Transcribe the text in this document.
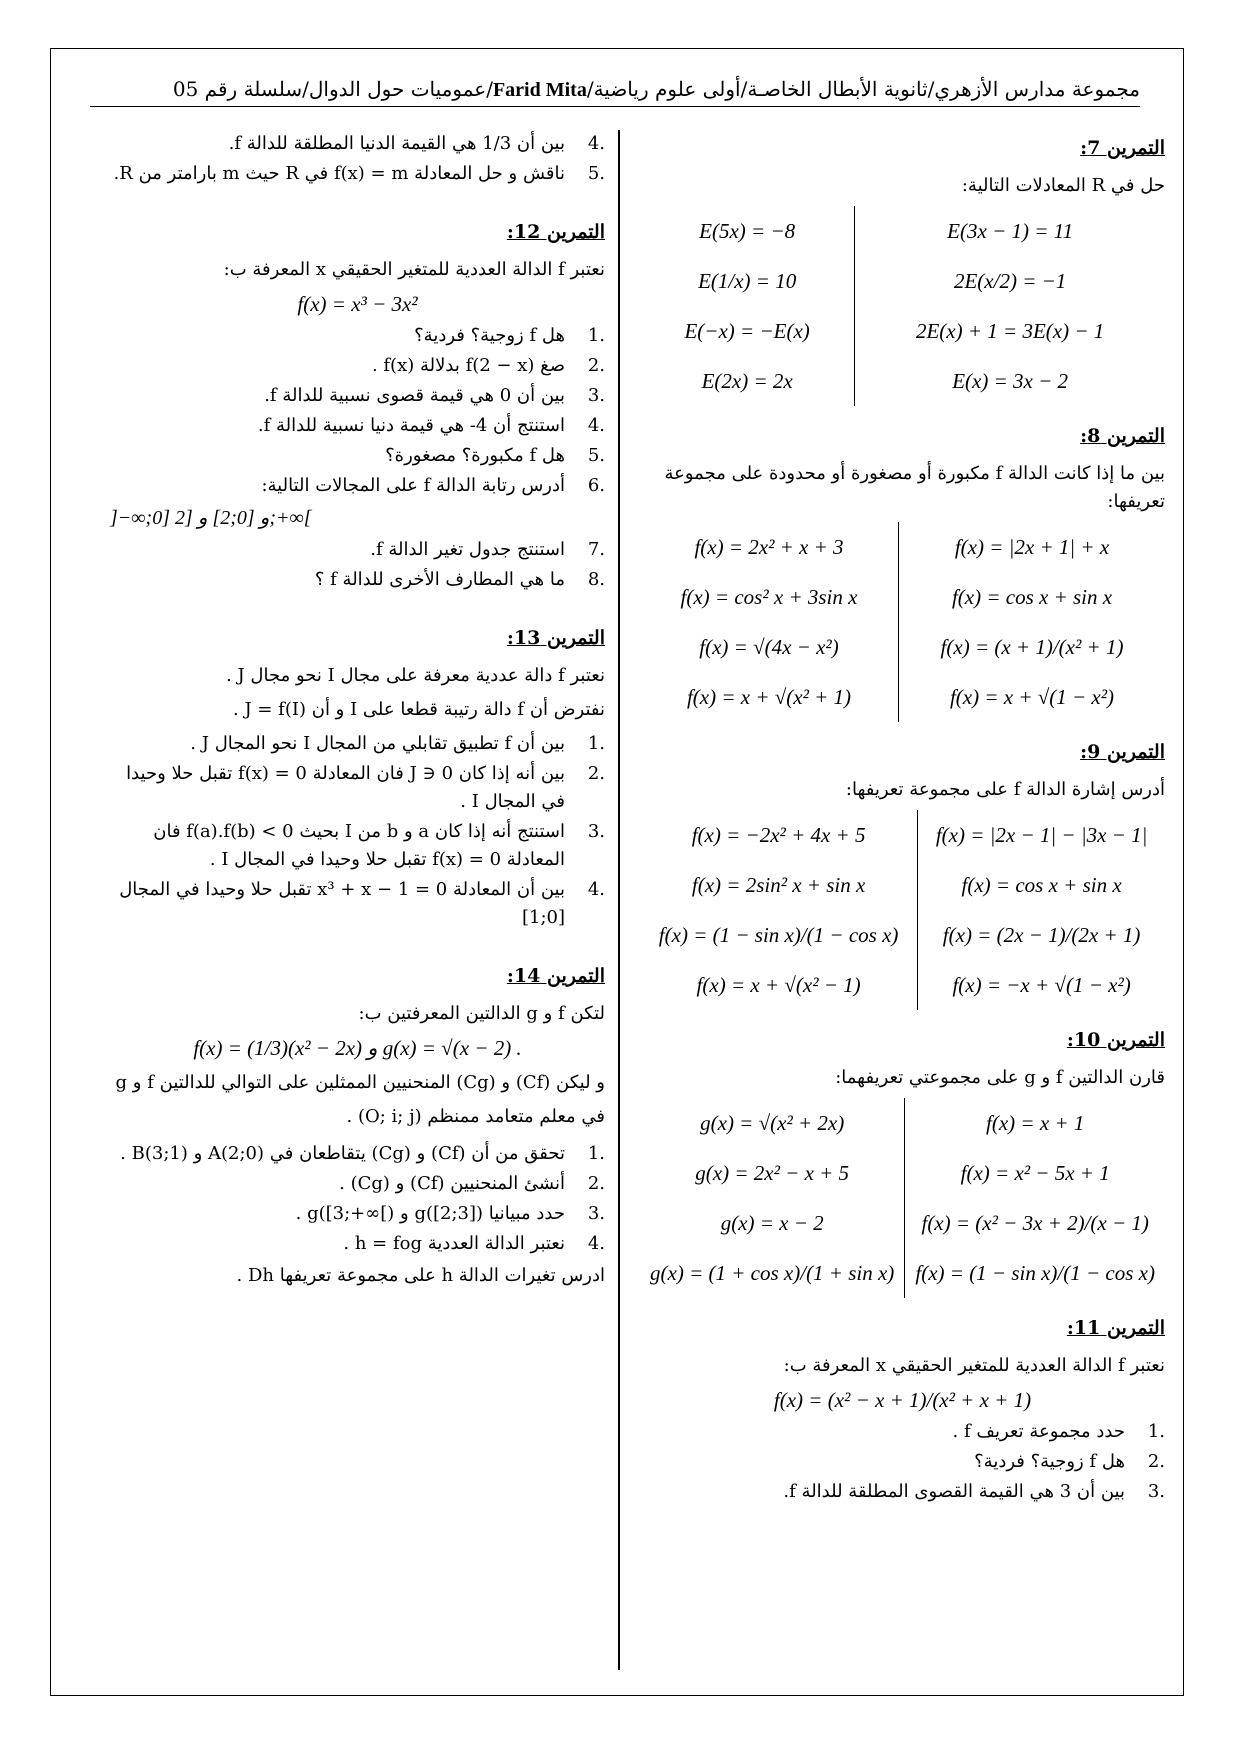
مجموعة مدارس الأزهري/ثانوية الأبطال الخاصـة/أولى علوم رياضية/Farid Mita/عموميات حول الدوال/سلسلة رقم 05
التمرين 7:
حل في R المعادلات التالية:
E(5x) = −8	E(3x − 1) = 11
E(1/x) = 10	2E(x/2) = −1
E(−x) = −E(x)	2E(x) + 1 = 3E(x) − 1
E(2x) = 2x	E(x) = 3x − 2
التمرين 8:
بين ما إذا كانت الدالة f مكبورة أو مصغورة أو محدودة على مجموعة تعريفها:
f(x) = 2x² + x + 3	f(x) = |2x + 1| + x
f(x) = cos² x + 3sin x	f(x) = cos x + sin x
f(x) = √(4x − x²)	f(x) = (x + 1)/(x² + 1)
f(x) = x + √(x² + 1)	f(x) = x + √(1 − x²)
التمرين 9:
أدرس إشارة الدالة f على مجموعة تعريفها:
f(x) = −2x² + 4x + 5	f(x) = |2x − 1| − |3x − 1|
f(x) = 2sin² x + sin x	f(x) = cos x + sin x
f(x) = (1 − sin x)/(1 − cos x)	f(x) = (2x − 1)/(2x + 1)
f(x) = x + √(x² − 1)	f(x) = −x + √(1 − x²)
التمرين 10:
قارن الدالتين f و g على مجموعتي تعريفهما:
g(x) = √(x² + 2x)	f(x) = x + 1
g(x) = 2x² − x + 5	f(x) = x² − 5x + 1
g(x) = x − 2	f(x) = (x² − 3x + 2)/(x − 1)
g(x) = (1 + cos x)/(1 + sin x)	f(x) = (1 − sin x)/(1 − cos x)
التمرين 11:
نعتبر f الدالة العددية للمتغير الحقيقي x المعرفة ب:
f(x) = (x² − x + 1)/(x² + x + 1)
1.
حدد مجموعة تعريف f .
2.
هل f زوجية؟ فردية؟
3.
بين أن 3 هي القيمة القصوى المطلقة للدالة f.
4.
بين أن 1/3 هي القيمة الدنيا المطلقة للدالة f.
5.
ناقش و حل المعادلة f(x) = m في R حيث m بارامتر من R.
التمرين 12:
نعتبر f الدالة العددية للمتغير الحقيقي x المعرفة ب:
f(x) = x³ − 3x²
1.
هل f زوجية؟ فردية؟
2.
صغ f(2 − x) بدلالة f(x) .
3.
بين أن 0 هي قيمة قصوى نسبية للدالة f.
4.
استنتج أن 4- هي قيمة دنيا نسبية للدالة f.
5.
هل f مكبورة؟ مصغورة؟
6.
أدرس رتابة الدالة f على المجالات التالية:
]−∞;0] و [0;2] و [2;+∞[
7.
استنتج جدول تغير الدالة f.
8.
ما هي المطارف الأخرى للدالة f ؟
التمرين 13:
نعتبر f دالة عددية معرفة على مجال I نحو مجال J .
نفترض أن f دالة رتيبة قطعا على I و أن J = f(I) .
1.
بين أن f تطبيق تقابلي من المجال I نحو المجال J .
2.
بين أنه إذا كان 0 ∈ J فان المعادلة f(x) = 0 تقبل حلا وحيدا في المجال I .
3.
استنتج أنه إذا كان a و b من I بحيث f(a).f(b) < 0 فان المعادلة f(x) = 0 تقبل حلا وحيدا في المجال I .
4.
بين أن المعادلة x³ + x − 1 = 0 تقبل حلا وحيدا في المجال [0;1]
التمرين 14:
لتكن f و g الدالتين المعرفتين ب:
f(x) = (1/3)(x² − 2x) و g(x) = √(x − 2) .
و ليكن (Cf) و (Cg) المنحنيين الممثلين على التوالي للدالتين f و g في معلم متعامد ممنظم (O; i; j) .
1.
تحقق من أن (Cf) و (Cg) يتقاطعان في A(2;0) و B(3;1) .
2.
أنشئ المنحنيين (Cf) و (Cg) .
3.
حدد مبيانيا g([2;3]) و g([3;+∞[) .
4.
نعتبر الدالة العددية h = fog .
ادرس تغيرات الدالة h على مجموعة تعريفها Dh .
